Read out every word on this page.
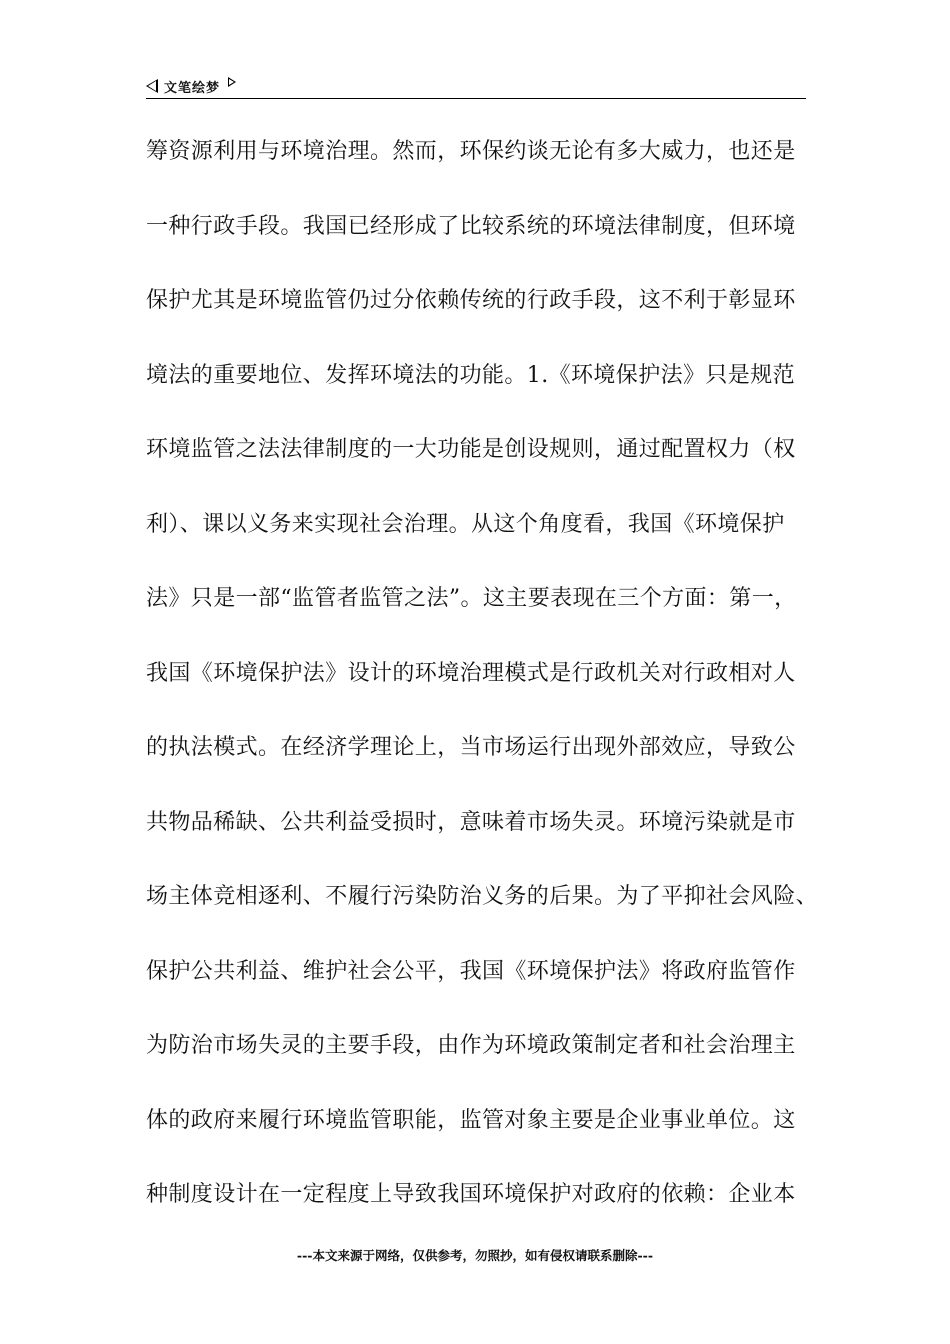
文笔绘梦
筹资源利用与环境治理。然而，环保约谈无论有多大威力，也还是
一种行政手段。我国已经形成了比较系统的环境法律制度，但环境
保护尤其是环境监管仍过分依赖传统的行政手段，这不利于彰显环
境法的重要地位、发挥环境法的功能。1.《环境保护法》只是规范
环境监管之法法律制度的一大功能是创设规则，通过配置权力（权
利）、课以义务来实现社会治理。从这个角度看，我国《环境保护
法》只是一部“监管者监管之法”。这主要表现在三个方面：第一，
我国《环境保护法》设计的环境治理模式是行政机关对行政相对人
的执法模式。在经济学理论上，当市场运行出现外部效应，导致公
共物品稀缺、公共利益受损时，意味着市场失灵。环境污染就是市
场主体竞相逐利、不履行污染防治义务的后果。为了平抑社会风险、
保护公共利益、维护社会公平，我国《环境保护法》将政府监管作
为防治市场失灵的主要手段，由作为环境政策制定者和社会治理主
体的政府来履行环境监管职能，监管对象主要是企业事业单位。这
种制度设计在一定程度上导致我国环境保护对政府的依赖：企业本
---本文来源于网络，仅供参考，勿照抄，如有侵权请联系删除---
